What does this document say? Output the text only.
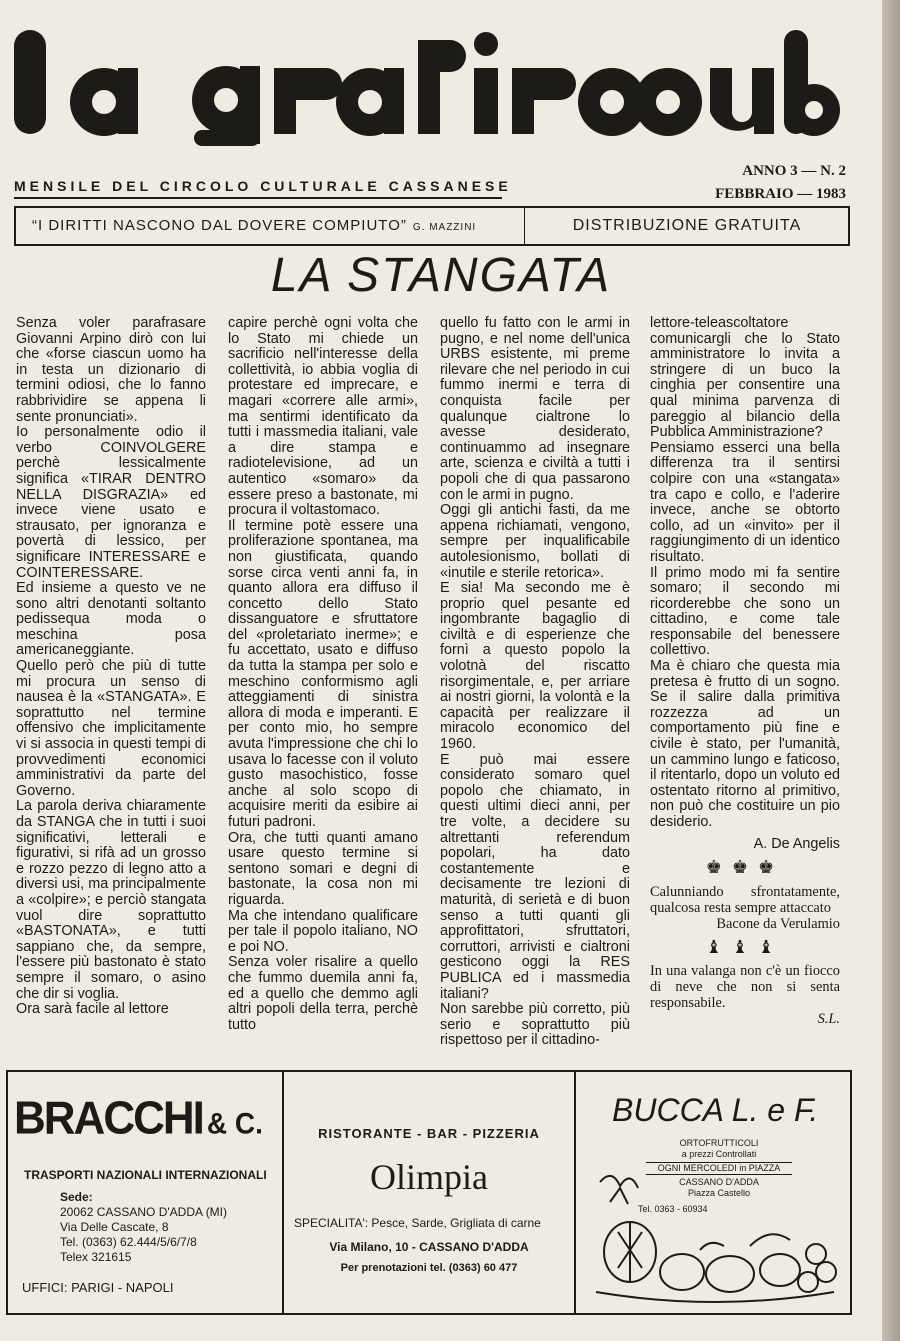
MENSILE DEL CIRCOLO CULTURALE CASSANESE
ANNO 3 — N. 2
FEBBRAIO — 1983
“I DIRITTI NASCONO DAL DOVERE COMPIUTO” G. MAZZINI	DISTRIBUZIONE GRATUITA
LA STANGATA

Senza voler parafrasare Giovanni Arpino dirò con lui che «forse ciascun uomo ha in testa un dizionario di termini odiosi, che lo fanno rabbrividire se appena li sente pronunciati».

Io personalmente odio il verbo COINVOLGERE perchè lessicalmente significa «TIRAR DENTRO NELLA DISGRAZIA» ed invece viene usato e strausato, per ignoranza e povertà di lessico, per significare INTERESSARE e COINTERESSARE.

Ed insieme a questo ve ne sono altri denotanti soltanto pedissequa moda o meschina posa americaneggiante.

Quello però che più di tutte mi procura un senso di nausea è la «STANGATA». E soprattutto nel termine offensivo che implicitamente vi si associa in questi tempi di provvedimenti economici amministrativi da parte del Governo.

La parola deriva chiaramente da STANGA che in tutti i suoi significativi, letterali e figurativi, si rifà ad un grosso e rozzo pezzo di legno atto a diversi usi, ma principalmente a «colpire»; e perciò stangata vuol dire soprattutto «BASTONATA», e tutti sappiano che, da sempre, l'essere più bastonato è stato sempre il somaro, o asino che dir si voglia.

Ora sarà facile al lettore

capire perchè ogni volta che lo Stato mi chiede un sacrificio nell'interesse della collettività, io abbia voglia di protestare ed imprecare, e magari «correre alle armi», ma sentirmi identificato da tutti i massmedia italiani, vale a dire stampa e radiotelevisione, ad un autentico «somaro» da essere preso a bastonate, mi procura il voltastomaco.

Il termine potè essere una proliferazione spontanea, ma non giustificata, quando sorse circa venti anni fa, in quanto allora era diffuso il concetto dello Stato dissanguatore e sfruttatore del «proletariato inerme»; e fu accettato, usato e diffuso da tutta la stampa per solo e meschino conformismo agli atteggiamenti di sinistra allora di moda e imperanti. E per conto mio, ho sempre avuta l'impressione che chi lo usava lo facesse con il voluto gusto masochistico, fosse anche al solo scopo di acquisire meriti da esibire ai futuri padroni.

Ora, che tutti quanti amano usare questo termine si sentono somari e degni di bastonate, la cosa non mi riguarda.

Ma che intendano qualificare per tale il popolo italiano, NO e poi NO.

Senza voler risalire a quello che fummo duemila anni fa, ed a quello che demmo agli altri popoli della terra, perchè tutto

quello fu fatto con le armi in pugno, e nel nome dell'unica URBS esistente, mi preme rilevare che nel periodo in cui fummo inermi e terra di conquista facile per qualunque cialtrone lo avesse desiderato, continuammo ad insegnare arte, scienza e civiltà a tutti i popoli che di qua passarono con le armi in pugno.

Oggi gli antichi fasti, da me appena richiamati, vengono, sempre per inqualificabile autolesionismo, bollati di «inutile e sterile retorica».

E sia! Ma secondo me è proprio quel pesante ed ingombrante bagaglio di civiltà e di esperienze che fornì a questo popolo la volotnà del riscatto risorgimentale, e, per arriare ai nostri giorni, la volontà e la capacità per realizzare il miracolo economico del 1960.

E può mai essere considerato somaro quel popolo che chiamato, in questi ultimi dieci anni, per tre volte, a decidere su altrettanti referendum popolari, ha dato costantemente e decisamente tre lezioni di maturità, di serietà e di buon senso a tutti quanti gli approfittatori, sfruttatori, corruttori, arrivisti e cialtroni gesticono oggi la RES PUBLICA ed i massmedia italiani?

Non sarebbe più corretto, più serio e soprattutto più rispettoso per il cittadino-

lettore-teleascoltatore comunicargli che lo Stato amministratore lo invita a stringere di un buco la cinghia per consentire una qual minima parvenza di pareggio al bilancio della Pubblica Amministrazione?

Pensiamo esserci una bella differenza tra il sentirsi colpire con una «stangata» tra capo e collo, e l'aderire invece, anche se obtorto collo, ad un «invito» per il raggiungimento di un identico risultato.

Il primo modo mi fa sentire somaro; il secondo mi ricorderebbe che sono un cittadino, e come tale responsabile del benessere collettivo.

Ma è chiaro che questa mia pretesa è frutto di un sogno. Se il salire dalla primitiva rozzezza ad un comportamento più fine e civile è stato, per l'umanità, un cammino lungo e faticoso, il ritentarlo, dopo un voluto ed ostentato ritorno al primitivo, non può che costituire un pio desiderio.

A. De Angelis

♚♚♚

Calunniando sfrontatamente, qualcosa resta sempre attaccato

Bacone da Verulamio

♝♝♝

In una valanga non c'è un fiocco di neve che non si senta responsabile.

S.L.

BRACCHI & C.
TRASPORTI NAZIONALI INTERNAZIONALI
Sede:
20062 CASSANO D'ADDA (MI)
Via Delle Cascate, 8
Tel. (0363) 62.444/5/6/7/8
Telex 321615
UFFICI: PARIGI - NAPOLI
RISTORANTE - BAR - PIZZERIA
Olimpia
SPECIALITA': Pesce, Sarde, Grigliata di carne
Via Milano, 10 - CASSANO D'ADDA
Per prenotazioni tel. (0363) 60 477
BUCCA L. e F.
ORTOFRUTTICOLI
a prezzi Controllati
OGNI MERCOLEDI in PIAZZA
CASSANO D'ADDA
Piazza Castello
Tel. 0363 - 60934
